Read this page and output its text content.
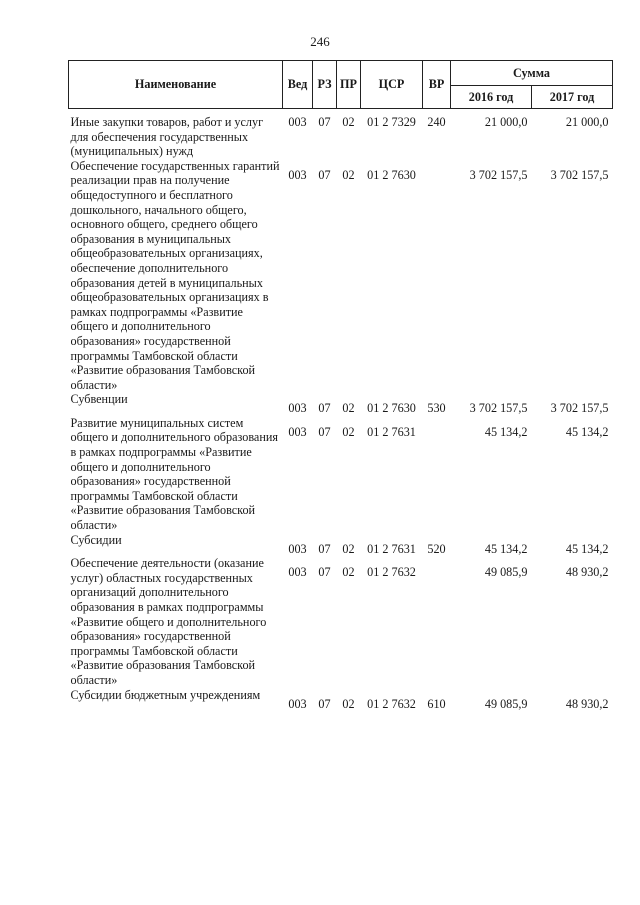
246
Наименование	Вед	РЗ	ПР	ЦСР	ВР	Сумма	
						2016 год	2017 год
Иные закупки товаров, работ и услуг для обеспечения государственных (муниципальных) нужд	003	07	02	01 2 7329	240	21 000,0	21 000,0
Обеспечение государственных гарантий реализации прав на получение общедоступного и бесплатного дошкольного, начального общего, основного общего, среднего общего образования в муниципальных общеобразовательных организациях, обеспечение дополнительного образования детей в муниципальных общеобразовательных организациях в рамках подпрограммы «Развитие общего и дополнительного образования» государственной программы Тамбовской области «Развитие образования Тамбовской области»	003	07	02	01 2 7630		3 702 157,5	3 702 157,5
Субвенции	003	07	02	01 2 7630	530	3 702 157,5	3 702 157,5
Развитие муниципальных систем общего и дополнительного образования в рамках подпрограммы «Развитие общего и дополнительного образования» государственной программы Тамбовской области «Развитие образования Тамбовской области»	003	07	02	01 2 7631		45 134,2	45 134,2
Субсидии	003	07	02	01 2 7631	520	45 134,2	45 134,2
Обеспечение деятельности (оказание услуг) областных государственных организаций дополнительного образования в рамках подпрограммы «Развитие общего и дополнительного образования» государственной программы Тамбовской области «Развитие образования Тамбовской области»	003	07	02	01 2 7632		49 085,9	48 930,2
Субсидии бюджетным учреждениям	003	07	02	01 2 7632	610	49 085,9	48 930,2
